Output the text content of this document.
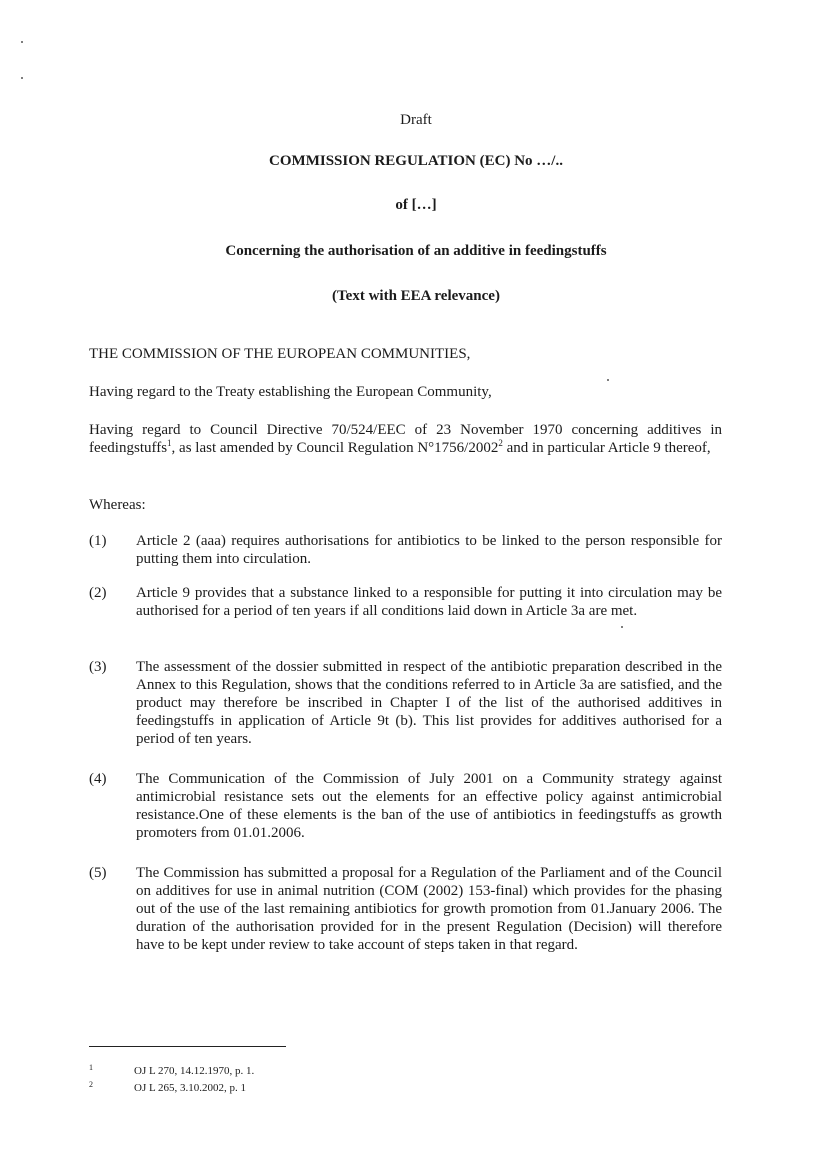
Draft
COMMISSION REGULATION (EC) No …/..
of […]
Concerning the authorisation of an additive in feedingstuffs
(Text with EEA relevance)
THE COMMISSION OF THE EUROPEAN COMMUNITIES,
Having regard to the Treaty establishing the European Community,
Having regard to Council Directive 70/524/EEC of 23 November 1970 concerning additives in feedingstuffs$^1$, as last amended by Council Regulation N°1756/2002$^2$ and in particular Article 9 thereof,
Whereas:
(1) Article 2 (aaa) requires authorisations for antibiotics to be linked to the person responsible for putting them into circulation.
(2) Article 9 provides that a substance linked to a responsible for putting it into circulation may be authorised for a period of ten years if all conditions laid down in Article 3a are met.
(3) The assessment of the dossier submitted in respect of the antibiotic preparation described in the Annex to this Regulation, shows that the conditions referred to in Article 3a are satisfied, and the product may therefore be inscribed in Chapter I of the list of the authorised additives in feedingstuffs in application of Article 9t (b). This list provides for additives authorised for a period of ten years.
(4) The Communication of the Commission of July 2001 on a Community strategy against antimicrobial resistance sets out the elements for an effective policy against antimicrobial resistance.One of these elements is the ban of the use of antibiotics in feedingstuffs as growth promoters from 01.01.2006.
(5) The Commission has submitted a proposal for a Regulation of the Parliament and of the Council on additives for use in animal nutrition (COM (2002) 153-final) which provides for the phasing out of the use of the last remaining antibiotics for growth promotion from 01.January 2006. The duration of the authorisation provided for in the present Regulation (Decision) will therefore have to be kept under review to take account of steps taken in that regard.
1	OJ L 270, 14.12.1970, p. 1.
2	OJ L 265, 3.10.2002, p. 1
